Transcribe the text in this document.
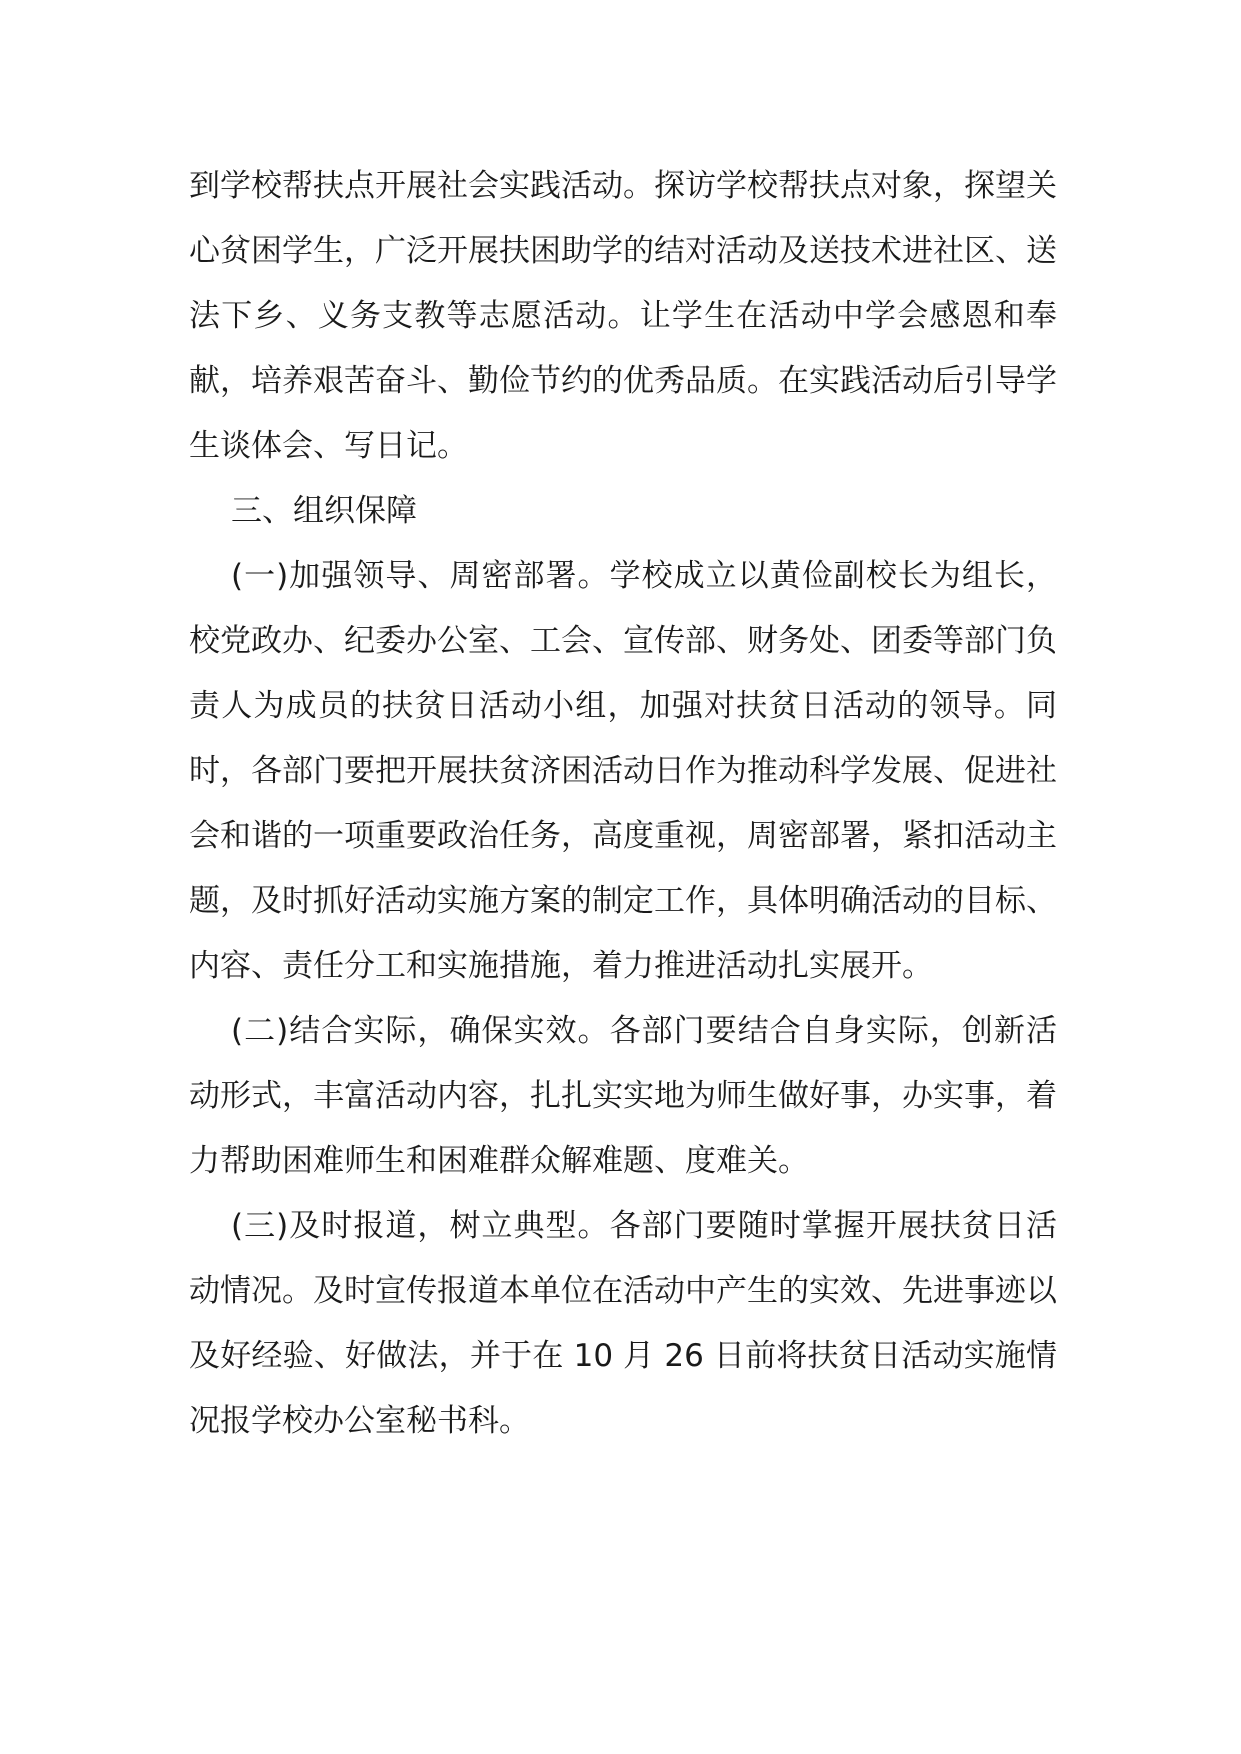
到学校帮扶点开展社会实践活动。探访学校帮扶点对象，探望关心贫困学生，广泛开展扶困助学的结对活动及送技术进社区、送法下乡、义务支教等志愿活动。让学生在活动中学会感恩和奉献，培养艰苦奋斗、勤俭节约的优秀品质。在实践活动后引导学生谈体会、写日记。

三、组织保障

(一)加强领导、周密部署。学校成立以黄俭副校长为组长，校党政办、纪委办公室、工会、宣传部、财务处、团委等部门负责人为成员的扶贫日活动小组，加强对扶贫日活动的领导。同时，各部门要把开展扶贫济困活动日作为推动科学发展、促进社会和谐的一项重要政治任务，高度重视，周密部署，紧扣活动主题，及时抓好活动实施方案的制定工作，具体明确活动的目标、内容、责任分工和实施措施，着力推进活动扎实展开。

(二)结合实际，确保实效。各部门要结合自身实际，创新活动形式，丰富活动内容，扎扎实实地为师生做好事，办实事，着力帮助困难师生和困难群众解难题、度难关。

(三)及时报道，树立典型。各部门要随时掌握开展扶贫日活动情况。及时宣传报道本单位在活动中产生的实效、先进事迹以及好经验、好做法，并于在 10 月 26 日前将扶贫日活动实施情况报学校办公室秘书科。
